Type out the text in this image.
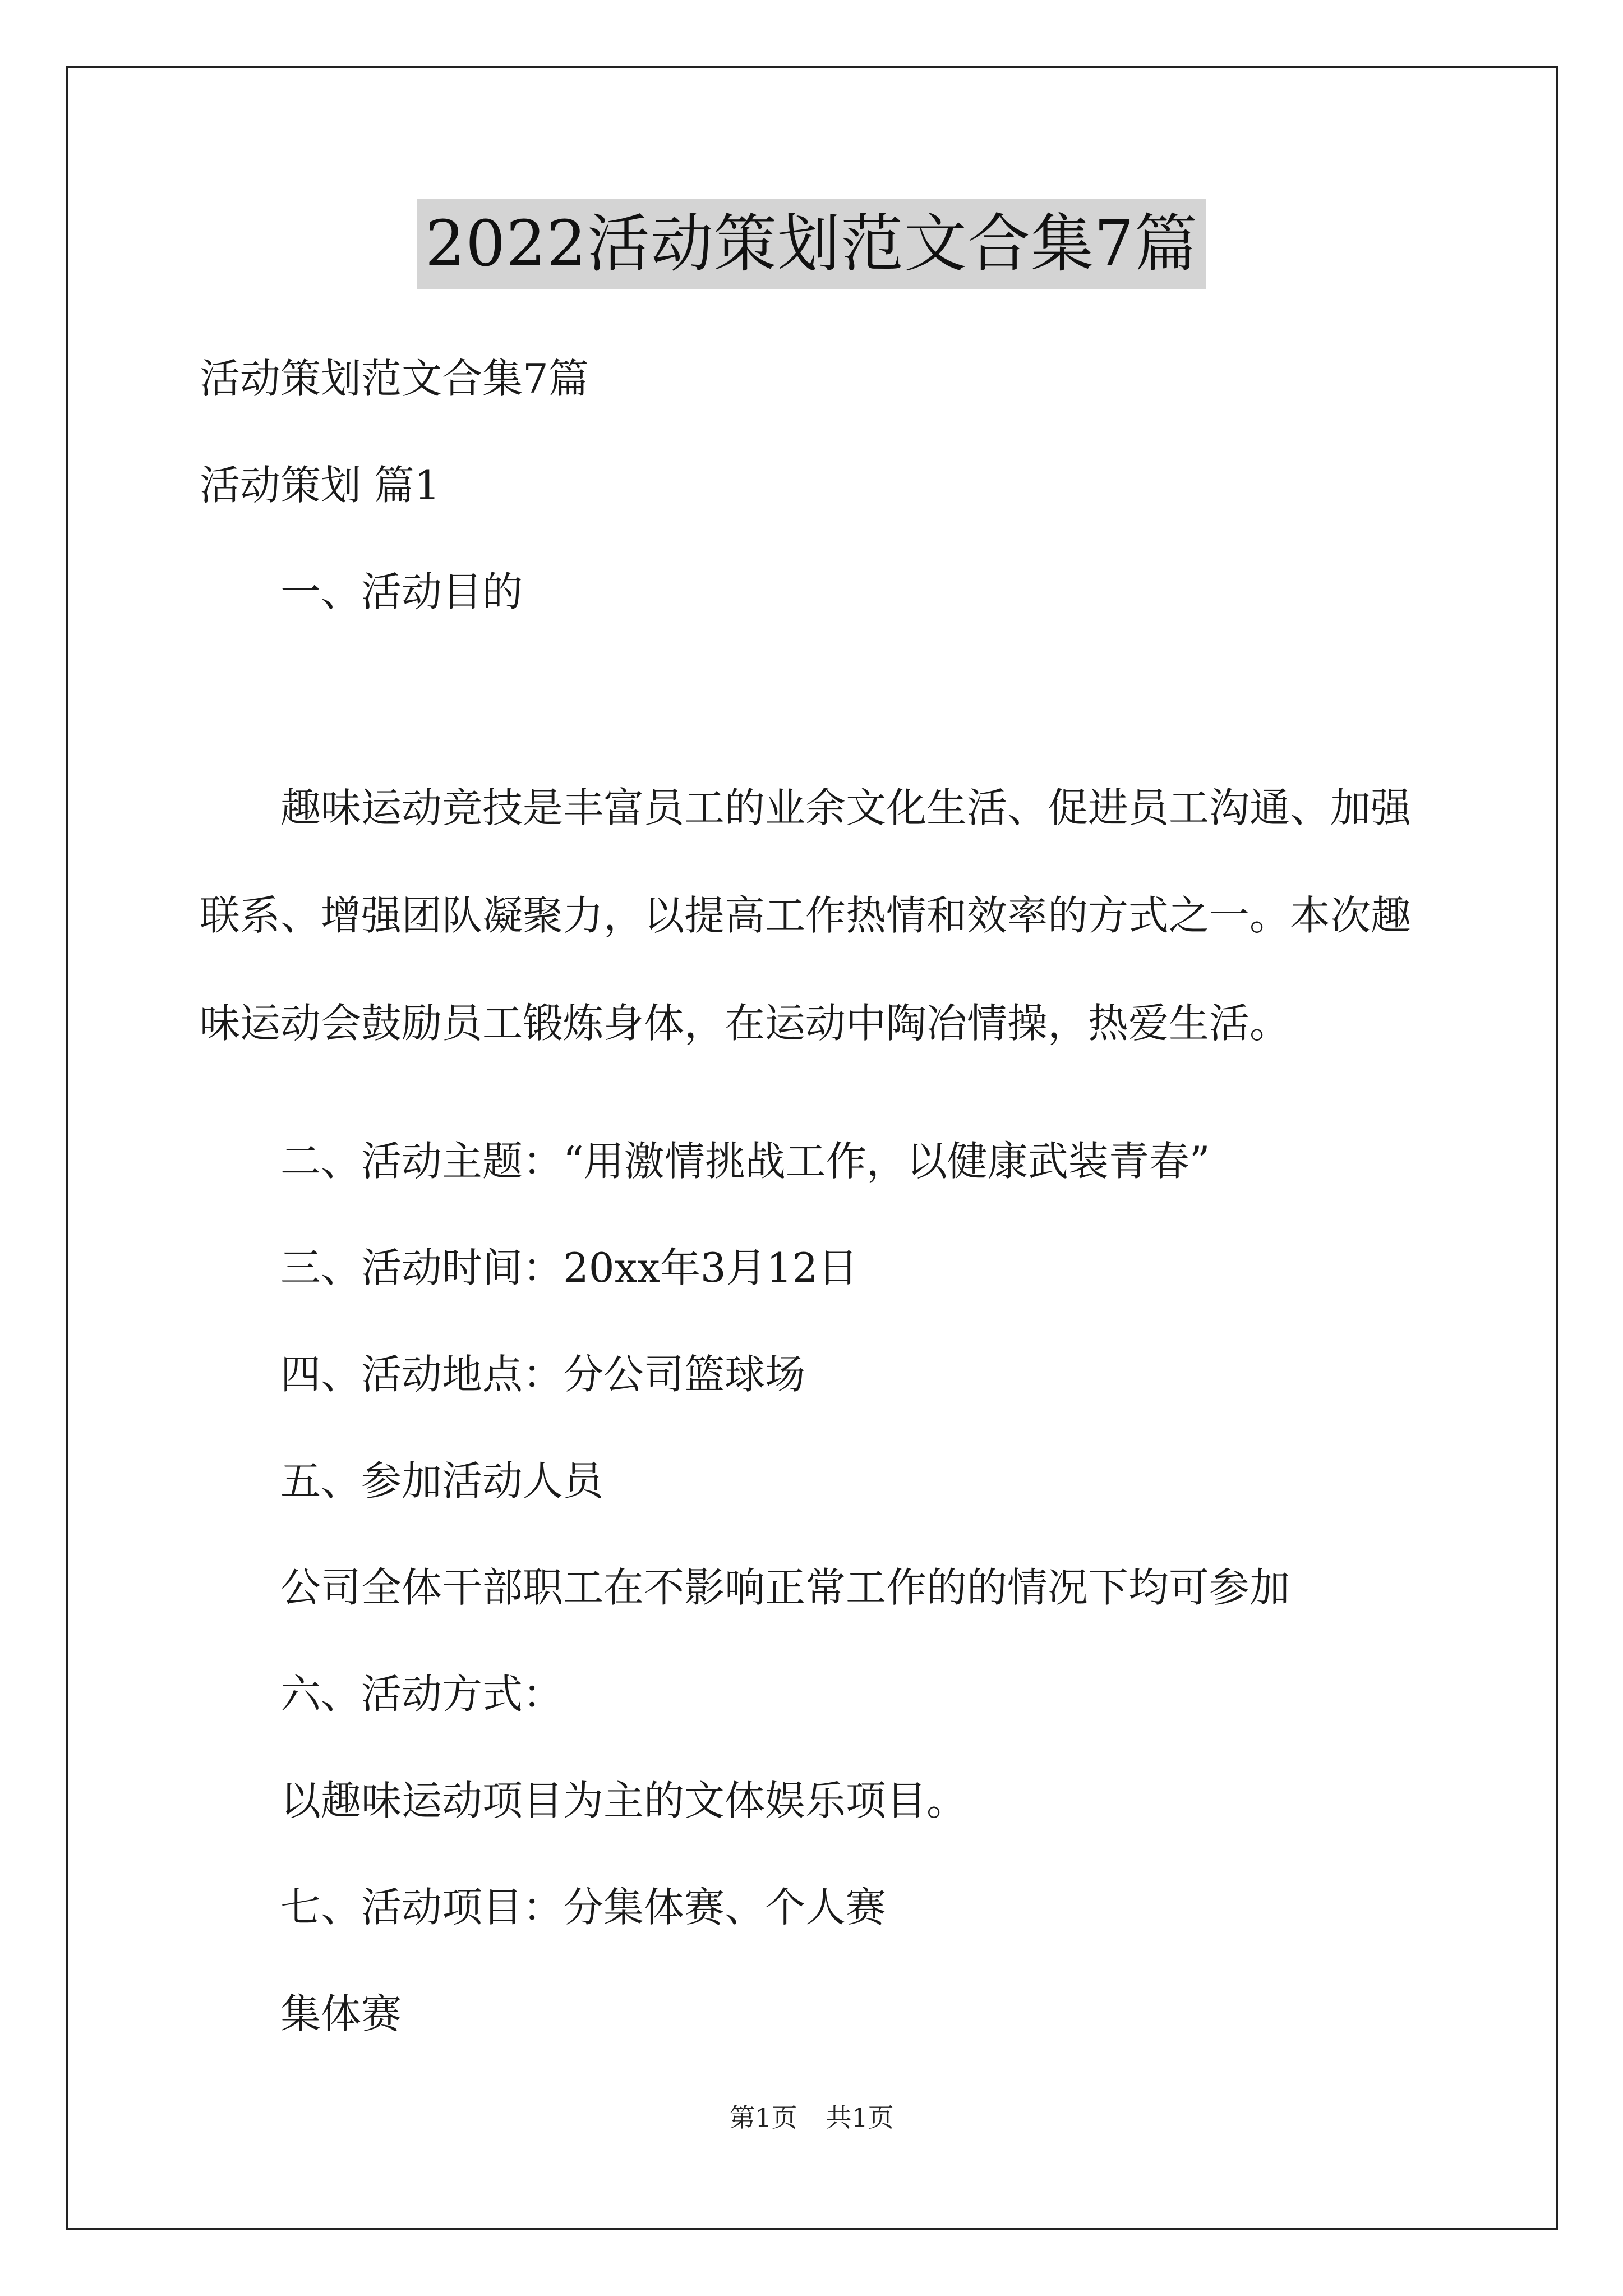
2022活动策划范文合集7篇
活动策划范文合集7篇
活动策划 篇1
一、活动目的
趣味运动竞技是丰富员工的业余文化生活、促进员工沟通、加强
联系、增强团队凝聚力，以提高工作热情和效率的方式之一。本次趣
味运动会鼓励员工锻炼身体，在运动中陶冶情操，热爱生活。
二、活动主题：“用激情挑战工作，以健康武装青春”
三、活动时间：20xx年3月12日
四、活动地点：分公司篮球场
五、参加活动人员
公司全体干部职工在不影响正常工作的的情况下均可参加
六、活动方式：
以趣味运动项目为主的文体娱乐项目。
七、活动项目：分集体赛、个人赛
集体赛
第1页 共1页
